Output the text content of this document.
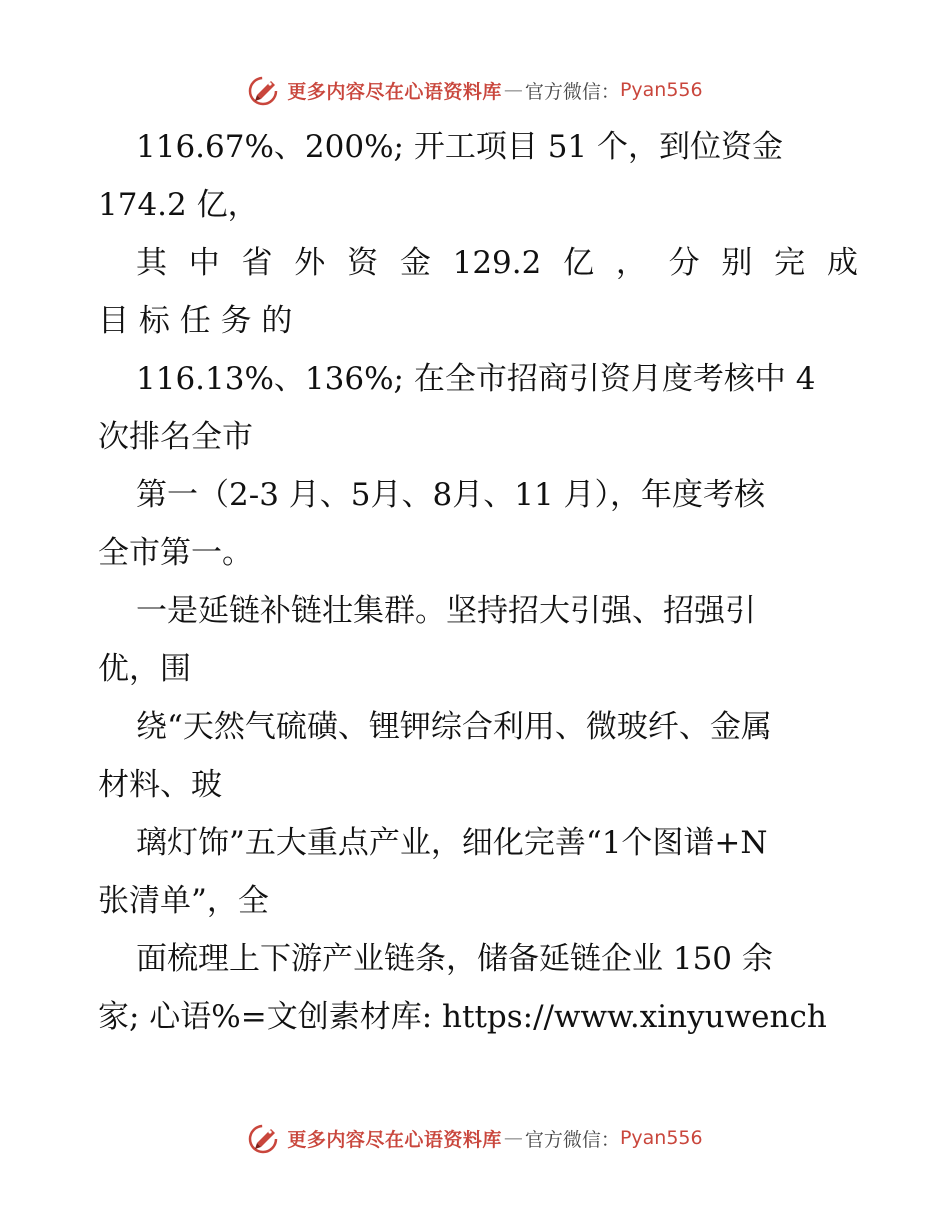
更多内容尽在心语资料库 — 官方微信： Pyan556
116.67%、200%; 开工项目 51 个，到位资金
174.2 亿，
其 中 省 外 资 金 129.2 亿 ， 分 别 完 成
目 标 任 务 的
116.13%、136%; 在全市招商引资月度考核中 4
次排名全市
第一（2-3 月、5月、8月、11 月），年度考核
全市第一。
一是延链补链壮集群。坚持招大引强、招强引
优，围
绕“天然气硫磺、锂钾综合利用、微玻纤、金属
材料、玻
璃灯饰”五大重点产业，细化完善“1个图谱+N
张清单”，全
面梳理上下游产业链条，储备延链企业 150 余
家; 心语%=文创素材库: https://www.xinyuwench
更多内容尽在心语资料库 — 官方微信： Pyan556
